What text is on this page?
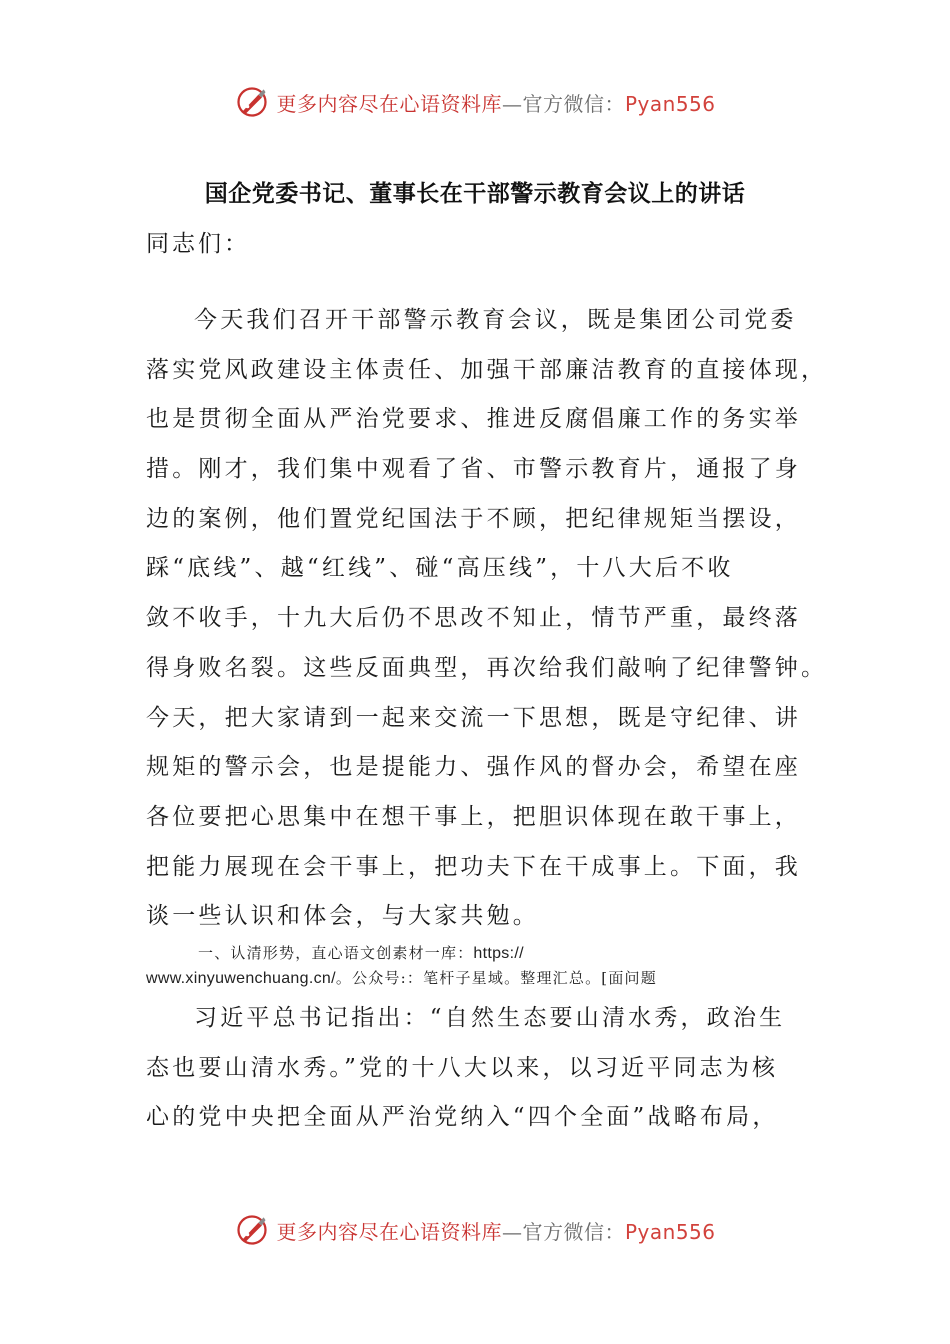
更多内容尽在心语资料库—官方微信：Pyan556
国企党委书记、董事长在干部警示教育会议上的讲话
同志们：
今天我们召开干部警示教育会议，既是集团公司党委
落实党风政建设主体责任、加强干部廉洁教育的直接体现，
也是贯彻全面从严治党要求、推进反腐倡廉工作的务实举
措。刚才，我们集中观看了省、市警示教育片，通报了身
边的案例，他们置党纪国法于不顾，把纪律规矩当摆设，
踩“底线”、越“红线”、碰“高压线”，十八大后不收
敛不收手，十九大后仍不思改不知止，情节严重，最终落
得身败名裂。这些反面典型，再次给我们敲响了纪律警钟。
今天，把大家请到一起来交流一下思想，既是守纪律、讲
规矩的警示会，也是提能力、强作风的督办会，希望在座
各位要把心思集中在想干事上，把胆识体现在敢干事上，
把能力展现在会干事上，把功夫下在干成事上。下面，我
谈一些认识和体会，与大家共勉。
一、认清形势，直心语文创素材一库：https://
www.xinyuwenchuang.cn/。公众号:：笔杆子星域。整理汇总。[面问题
习近平总书记指出：“自然生态要山清水秀，政治生
态也要山清水秀。”党的十八大以来，以习近平同志为核
心的党中央把全面从严治党纳入“四个全面”战略布局，
更多内容尽在心语资料库—官方微信：Pyan556
